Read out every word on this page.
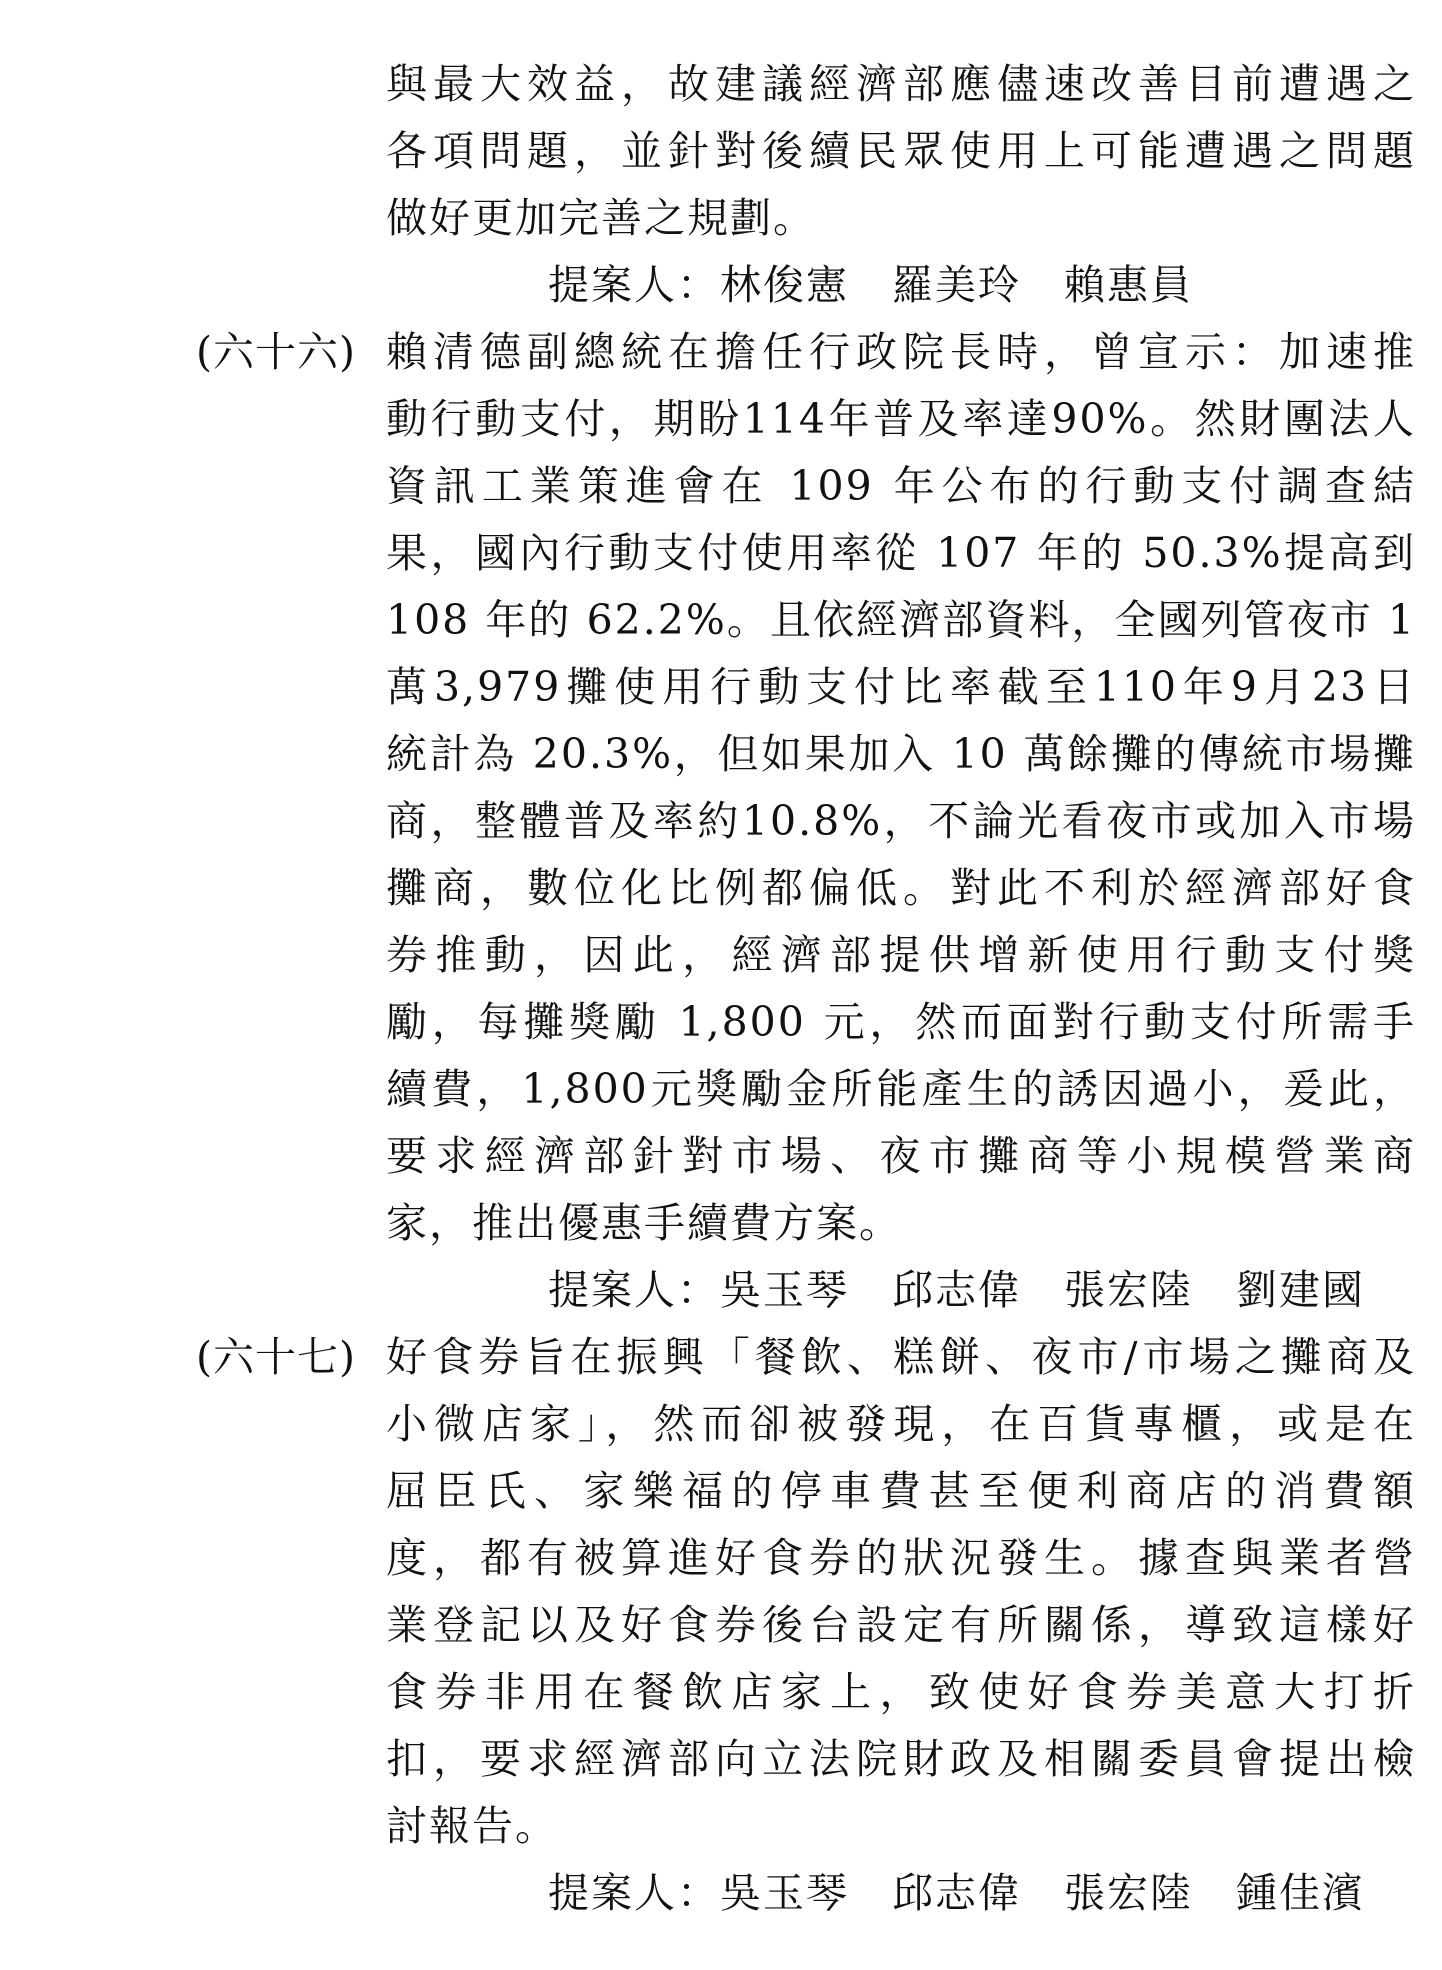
與最大效益，故建議經濟部應儘速改善目前遭遇之
各項問題，並針對後續民眾使用上可能遭遇之問題
做好更加完善之規劃。
提案人：林俊憲　羅美玲　賴惠員
(六十六) 賴清德副總統在擔任行政院長時，曾宣示：加速推
動行動支付，期盼114年普及率達90%。然財團法人
資訊工業策進會在 109 年公布的行動支付調查結
果，國內行動支付使用率從 107 年的 50.3%提高到
108 年的 62.2%。且依經濟部資料，全國列管夜市 1
萬3,979攤使用行動支付比率截至110年9月23日
統計為 20.3%，但如果加入 10 萬餘攤的傳統市場攤
商，整體普及率約10.8%，不論光看夜市或加入市場
攤商，數位化比例都偏低。對此不利於經濟部好食
券推動，因此，經濟部提供增新使用行動支付獎
勵，每攤獎勵 1,800 元，然而面對行動支付所需手
續費，1,800元獎勵金所能產生的誘因過小，爰此，
要求經濟部針對市場、夜市攤商等小規模營業商
家，推出優惠手續費方案。
提案人：吳玉琴　邱志偉　張宏陸　劉建國
(六十七) 好食券旨在振興「餐飲、糕餅、夜市/市場之攤商及
小微店家」，然而卻被發現，在百貨專櫃，或是在
屈臣氏、家樂福的停車費甚至便利商店的消費額
度，都有被算進好食券的狀況發生。據查與業者營
業登記以及好食券後台設定有所關係，導致這樣好
食券非用在餐飲店家上，致使好食券美意大打折
扣，要求經濟部向立法院財政及相關委員會提出檢
討報告。
提案人：吳玉琴　邱志偉　張宏陸　鍾佳濱
